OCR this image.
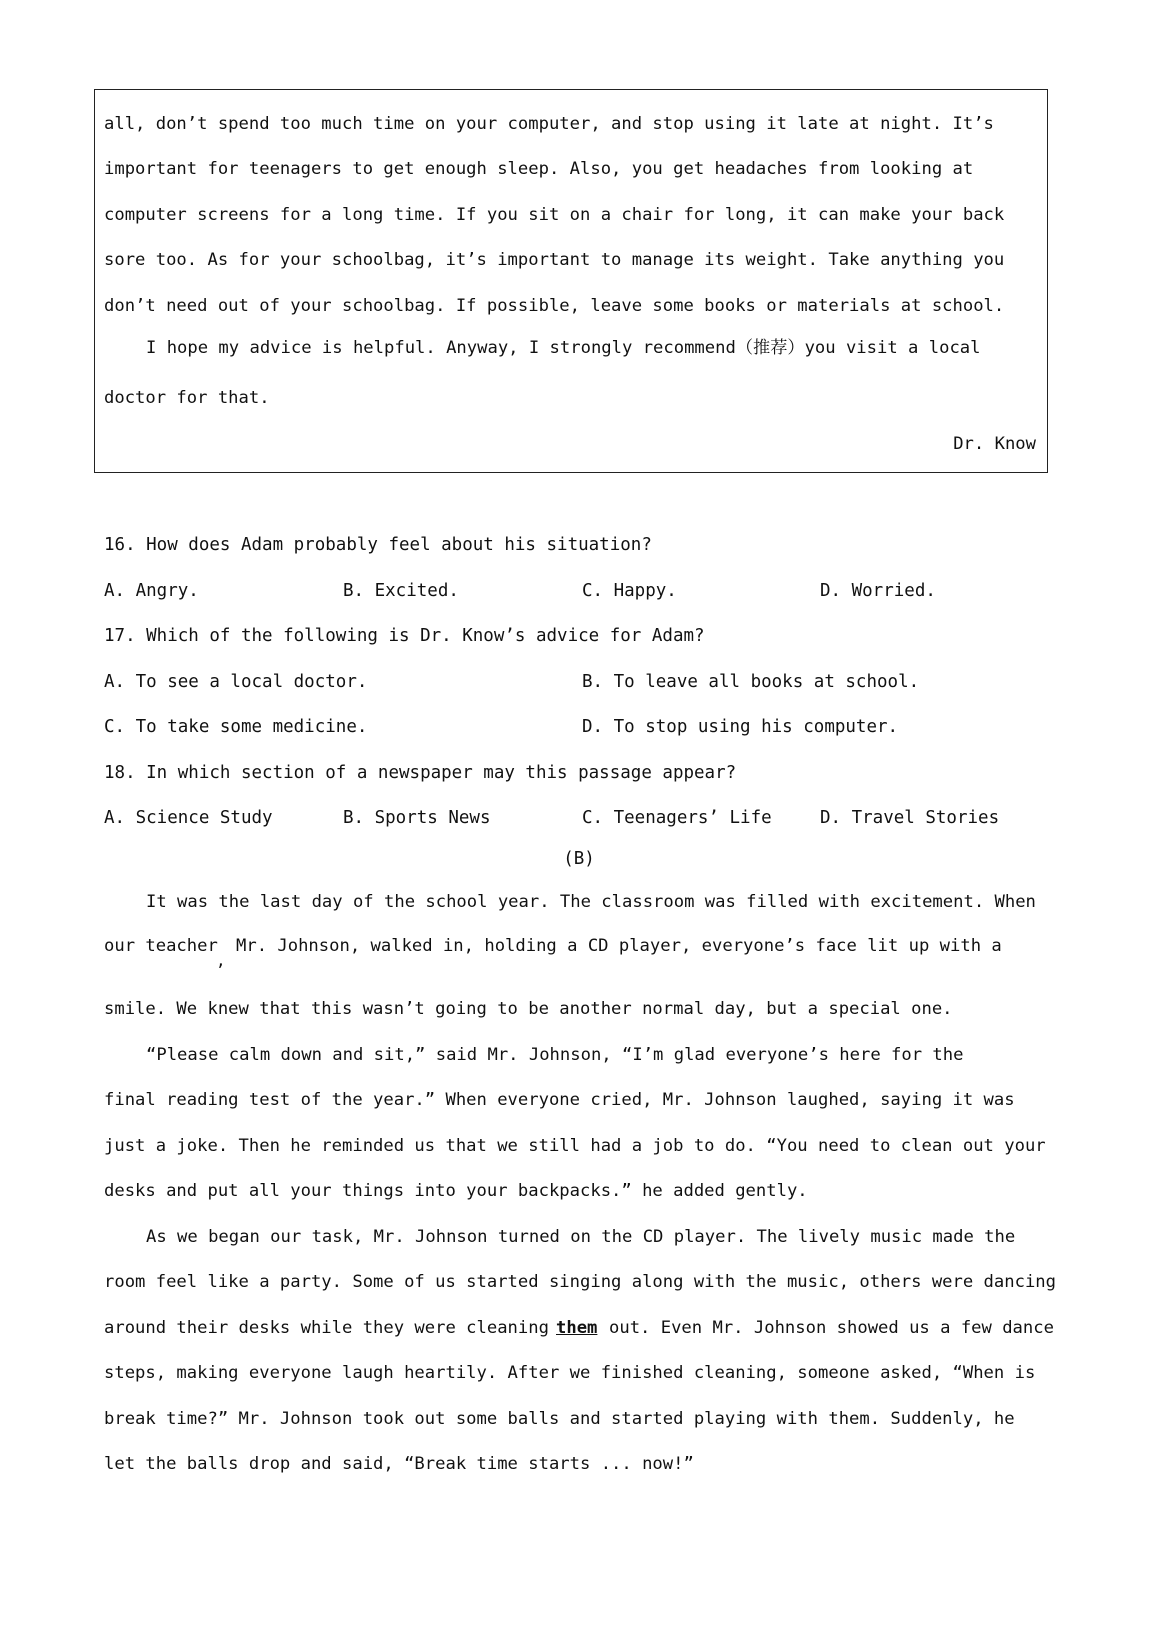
all, don’t spend too much time on your computer, and stop using it late at night. It’s
important for teenagers to get enough sleep. Also, you get headaches from looking at
computer screens for a long time. If you sit on a chair for long, it can make your back
sore too. As for your schoolbag, it’s important to manage its weight. Take anything you
don’t need out of your schoolbag. If possible, leave some books or materials at school.
I hope my advice is helpful. Anyway, I strongly recommend（推荐）you visit a local
doctor for that.
Dr. Know
16. How does Adam probably feel about his situation?
A. Angry.	B. Excited.	C. Happy.	D. Worried.
17. Which of the following is Dr. Know’s advice for Adam?
A. To see a local doctor.	B. To leave all books at school.
C. To take some medicine.	D. To stop using his computer.
18. In which section of a newspaper may this passage appear?
A. Science Study	B. Sports News	C. Teenagers’ Life	D. Travel Stories
(B)
It was the last day of the school year. The classroom was filled with excitement. When
our teacher Mr. Johnson, walked in, holding a CD player, everyone’s face lit up with a
,
smile. We knew that this wasn’t going to be another normal day, but a special one.
“Please calm down and sit,” said Mr. Johnson, “I’m glad everyone’s here for the
final reading test of the year.” When everyone cried, Mr. Johnson laughed, saying it was
just a joke. Then he reminded us that we still had a job to do. “You need to clean out your
desks and put all your things into your backpacks.” he added gently.
As we began our task, Mr. Johnson turned on the CD player. The lively music made the
room feel like a party. Some of us started singing along with the music, others were dancing
around their desks while they were cleaning them out. Even Mr. Johnson showed us a few dance
steps, making everyone laugh heartily. After we finished cleaning, someone asked, “When is
break time?” Mr. Johnson took out some balls and started playing with them. Suddenly, he
let the balls drop and said, “Break time starts ... now!”
